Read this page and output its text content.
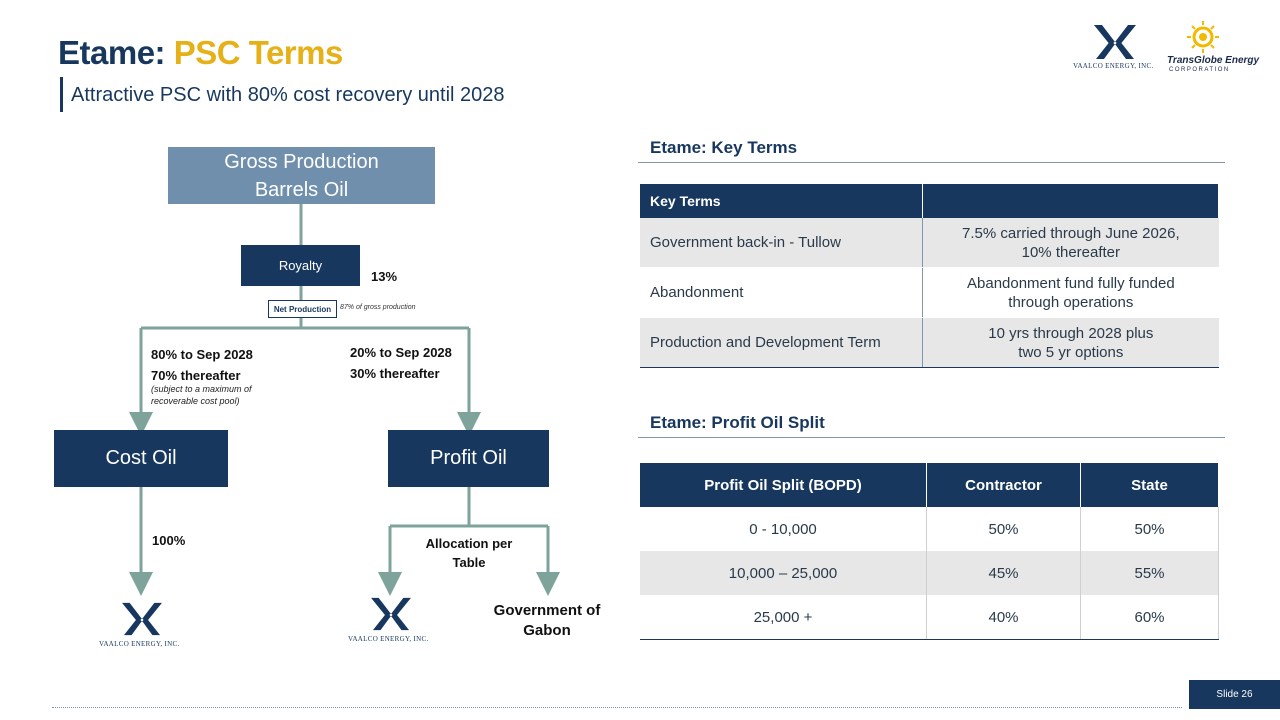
Etame: PSC Terms
Attractive PSC with 80% cost recovery until 2028
VAALCO ENERGY, INC. TransGlobe Energy
CORPORATION
Gross Production
Barrels Oil
Royalty
13%
Net Production	87% of gross production
80% to Sep 2028
70% thereafter
(subject to a maximum of recoverable cost pool)
20% to Sep 2028
30% thereafter
Cost Oil	Profit Oil
100%	Allocation per Table
Government of Gabon
VAALCO ENERGY, INC.
VAALCO ENERGY, INC.
Etame: Key Terms
Key Terms	
Government back-in - Tullow	7.5% carried through June 2026,
10% thereafter
Abandonment	Abandonment fund fully funded
through operations
Production and Development Term	10 yrs through 2028 plus
two 5 yr options
Etame: Profit Oil Split
Profit Oil Split (BOPD)	Contractor	State
0 - 10,000	50%	50%
10,000 – 25,000	45%	55%
25,000 +	40%	60%
Slide 26
